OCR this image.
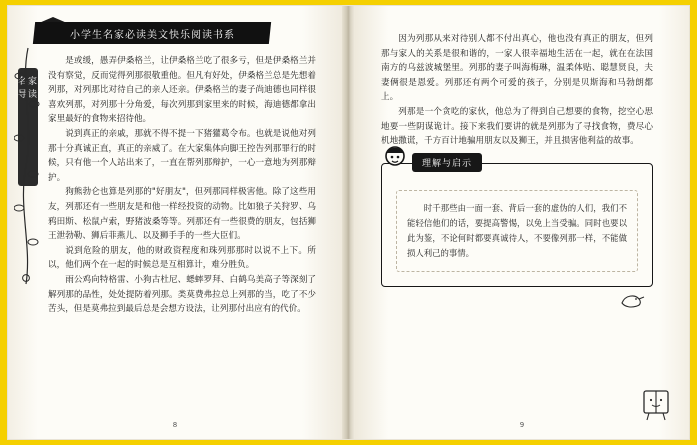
小学生名家必读美文快乐阅读书系
名家导读

是或缓，愚弄伊桑格兰，让伊桑格兰吃了很多亏，但是伊桑格兰并没有察觉，反而觉得列那很敬重他。但凡有好处，伊桑格兰总是先想着列那，对列那比对待自己的亲人还亲。伊桑格兰的妻子尚迪德也同样很喜欢列那，对列那十分角爱，每次列那到家里来的时候，海迪德都拿出家里最好的食物来招待他。

说到真正的亲戚，那就不得不提一下猪獾葛令布。也就是说他对列那十分真诚正直，真正的亲威了。在大家集体向脚王控告列那罪行的时候，只有他一个人站出来了，一直在帮列那辩护，一心一意地为列那辩护。

狗熊勃仑也算是列那的"好朋友"，但列那同样极害他。除了这些用友，列那还有一些朋友是和他一样经投资的动物。比如狼子关狩罗、乌鸦田斯、松鼠卢索，野猪波桑等等。列那还有一些很费的朋友，包括狮王泄勃勒、狮后菲燕儿、以及狮手手的一些大臣们。

说到危险的朋友，他的财政资程度和珠列那那时以说不上下。所以，他们两个在一起的时候总是互相算计，难分胜负。

雨公鸡向特格雷、小狗古杜尼、蟋蟀罗拜、白鹤乌美高子等深刻了解列那的品性，处处提防着列那。类莫费弗拉总上列那的当，吃了不少苦头，但是莫弗拉到最后总是会想方设法，让列那付出应有的代价。

8

因为列那从来对待别人都不付出真心，他也没有真正的朋友，但列那与家人的关系是很和谐的，一家人很幸福地生活在一起，就在在法国南方的乌兹波城堡里。列那的妻子叫海梅琳，温柔体贴、聪慧贤良，夫妻俩很是恩爱。列那还有两个可爱的孩子，分别是贝斯海和马勃朗都上。

列那是一个贪吃的家伙，他总为了得到自己想要的食物，挖空心思地要一些阴谋诡计。接下来我们要讲的就是列那为了寻找食物，费尽心机地撒谎，千方百计地骗用朋友以及狮王，并且损害他利益的故事。

理解与启示
时千那些由一面一套、背后一套的虚伪的人们，我们不能轻信他们的话，要提高警惕，以免上当受骗。同时也要以此为鉴，不论何时都要真诚待人，不要像列那一样，不能做损人利己的事情。
9
